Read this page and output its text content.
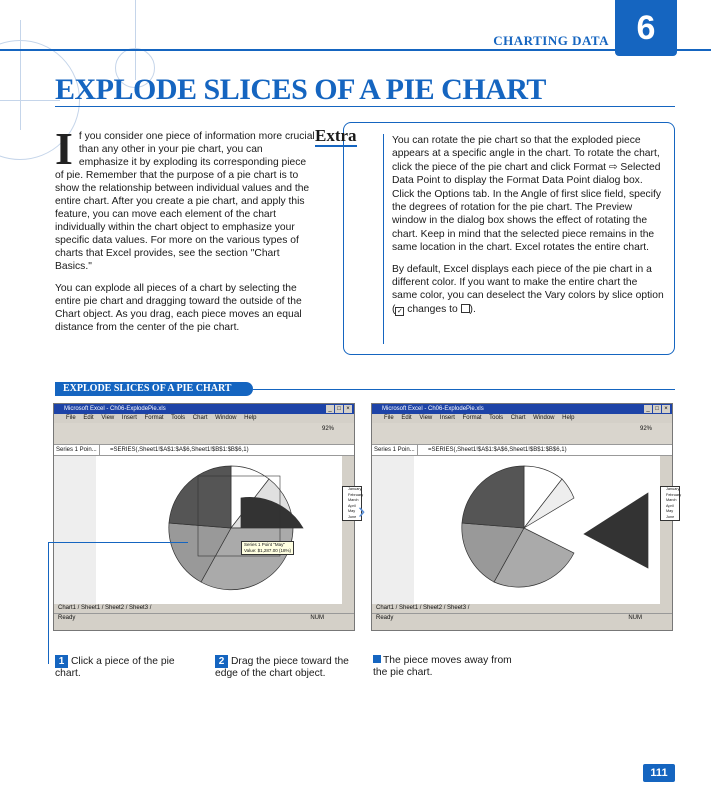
CHARTING DATA 6
EXPLODE SLICES OF A PIE CHART

If you consider one piece of information more crucial than any other in your pie chart, you can emphasize it by exploding its corresponding piece of pie. Remember that the purpose of a pie chart is to show the relationship between individual values and the entire chart. After you create a pie chart, and apply this feature, you can move each element of the chart individually within the chart object to emphasize your specific data values. For more on the various types of charts that Excel provides, see the section "Chart Basics."

You can explode all pieces of a chart by selecting the entire pie chart and dragging toward the outside of the Chart object. As you drag, each piece moves an equal distance from the center of the pie chart.

Extra	You can rotate the pie chart so that the exploded piece appears at a specific angle in the chart. To rotate the chart, click the piece of the pie chart and click Format ⇨ Selected Data Point to display the Format Data Point dialog box. Click the Options tab. In the Angle of first slice field, specify the degrees of rotation for the pie chart. The Preview window in the dialog box shows the effect of rotating the chart. Keep in mind that the selected piece remains in the same location in the chart. Excel rotates the entire chart.

By default, Excel displays each piece of the pie chart in a different color. If you want to make the entire chart the same color, you can deselect the Vary colors by slice option ( ✓ changes to ).

EXPLODE SLICES OF A PIE CHART
Microsoft Excel - Ch06-ExplodePie.xls	_ □ ×
File Edit View Insert Format Tools Chart Window Help
92%
Series 1 Poin... =SERIES(,Sheet1!$A$1:$A$6,Sheet1!$B$1:$B$6,1)
January
February
March
April
May
June
Series 1 Point "May"
Value: $1,287.00 (18%)
Chart1 / Sheet1 / Sheet2 / Sheet3 /
Ready	NUM
›
Microsoft Excel - Ch06-ExplodePie.xls	_ □ ×
File Edit View Insert Format Tools Chart Window Help
92%
Series 1 Poin... =SERIES(,Sheet1!$A$1:$A$6,Sheet1!$B$1:$B$6,1)
January
February
March
April
May
June
Chart1 / Sheet1 / Sheet2 / Sheet3 /
Ready	NUM
1 Click a piece of the pie chart.
2 Drag the piece toward the edge of the chart object.
The piece moves away from the pie chart.
111
